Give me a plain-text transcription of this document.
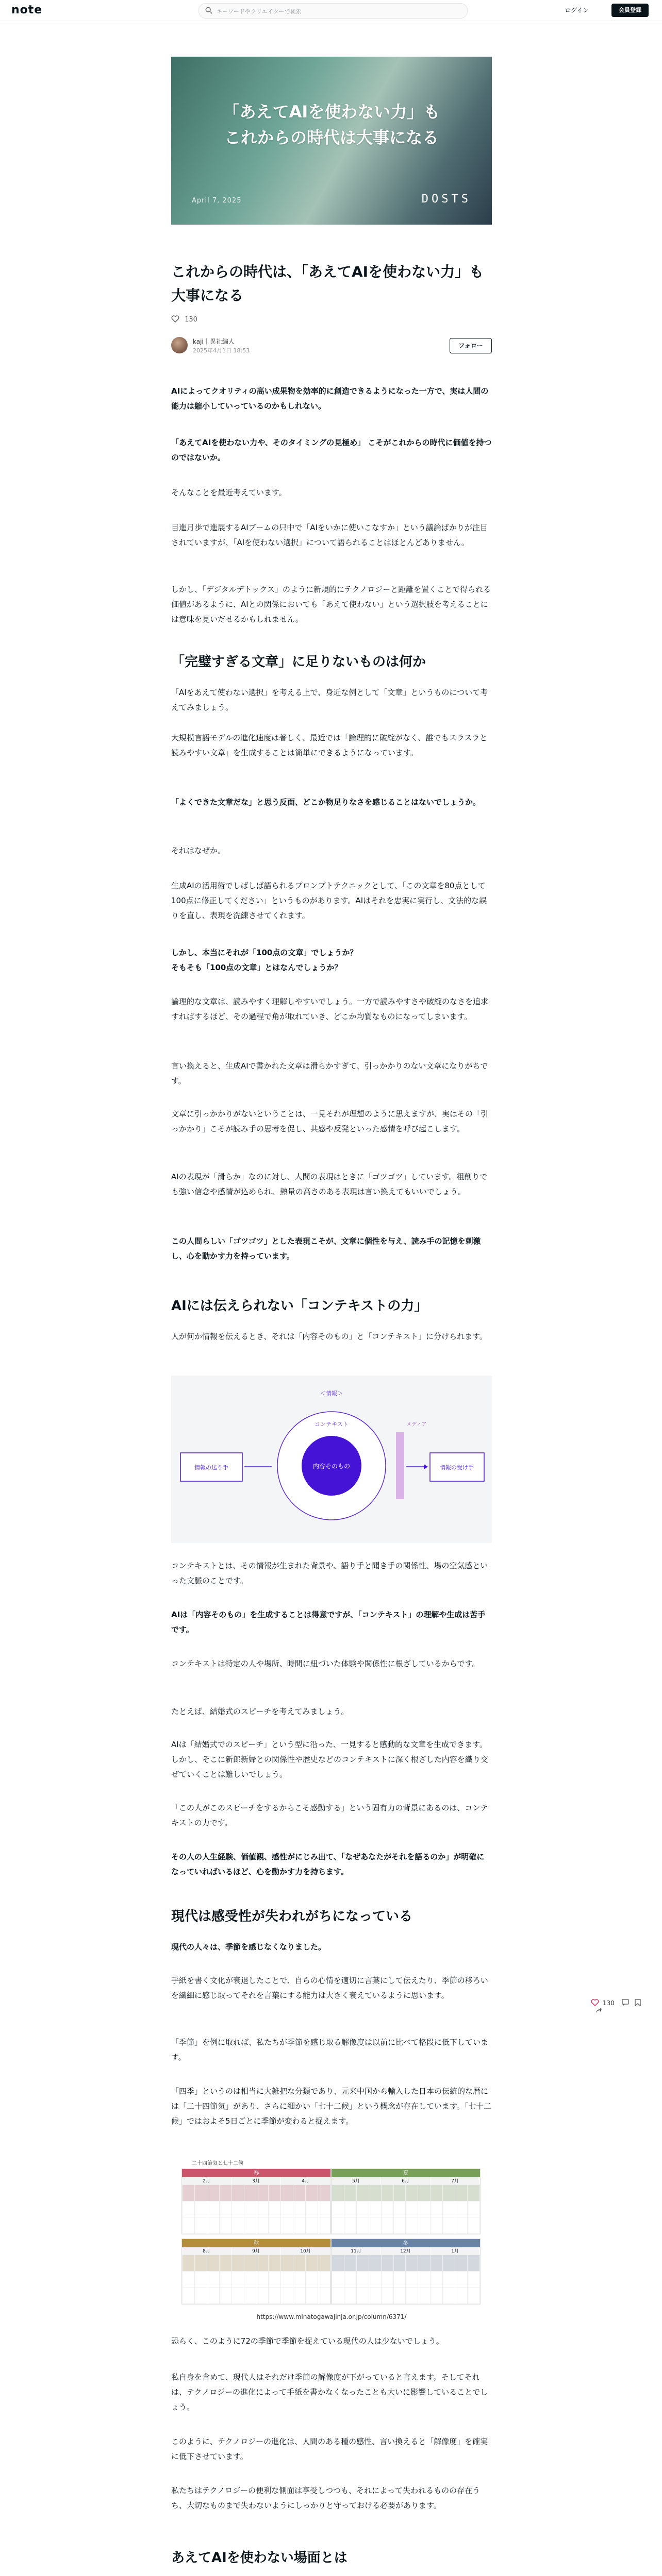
note	キーワードやクリエイターで検索	ログイン	会員登録
「あえてAIを使わない力」も
これからの時代は大事になる
April 7, 2025	DOSTS
これからの時代は、「あえてAIを使わない力」も大事になる
130
kaji｜異社編人
2025年4月1日 18:53
フォロー

AIによってクオリティの高い成果物を効率的に創造できるようになった一方で、実は人間の能力は縮小していっているのかもしれない。

「あえてAIを使わない力や、そのタイミングの見極め」 こそがこれからの時代に価値を持つのではないか。

そんなことを最近考えています。

目進月歩で進展するAIブームの只中で「AIをいかに使いこなすか」という議論ばかりが注目されていますが、「AIを使わない選択」について語られることはほとんどありません。

しかし、「デジタルデトックス」のように新規的にテクノロジーと距離を置くことで得られる価値があるように、AIとの関係においても「あえて使わない」という選択肢を考えることには意味を見いだせるかもしれません。

「完璧すぎる文章」に足りないものは何か

「AIをあえて使わない選択」を考える上で、身近な例として「文章」というものについて考えてみましょう。

大規模言語モデルの進化速度は著しく、最近では「論理的に破綻がなく、誰でもスラスラと読みやすい文章」を生成することは簡単にできるようになっています。

「よくできた文章だな」と思う反面、どこか物足りなさを感じることはないでしょうか。

それはなぜか。

生成AIの活用術でしばしば語られるプロンプトテクニックとして、「この文章を80点として100点に修正してください」というものがあります。AIはそれを忠実に実行し、文法的な誤りを直し、表現を洗練させてくれます。

しかし、本当にそれが「100点の文章」でしょうか？
そもそも「100点の文章」とはなんでしょうか？

論理的な文章は、読みやすく理解しやすいでしょう。一方で読みやすさや破綻のなさを追求すればするほど、その過程で角が取れていき、どこか均質なものになってしまいます。

言い換えると、生成AIで書かれた文章は滑らかすぎて、引っかかりのない文章になりがちです。

文章に引っかかりがないということは、一見それが理想のように思えますが、実はその「引っかかり」こそが読み手の思考を促し、共感や反発といった感情を呼び起こします。

AIの表現が「滑らか」なのに対し、人間の表現はときに「ゴツゴツ」しています。粗削りでも強い信念や感情が込められ、熱量の高さのある表現は言い換えてもいいでしょう。

この人間らしい「ゴツゴツ」とした表現こそが、文章に個性を与え、読み手の記憶を刺激し、心を動かす力を持っています。

AIには伝えられない「コンテキストの力」

人が何か情報を伝えるとき、それは「内容そのもの」と「コンテキスト」に分けられます。

＜情報＞
内容そのもの
コンテキスト
情報の送り手
メディア
情報の受け手

コンテキストとは、その情報が生まれた背景や、語り手と聞き手の関係性、場の空気感といった文脈のことです。

AIは「内容そのもの」を生成することは得意ですが、「コンテキスト」の理解や生成は苦手です。

コンテキストは特定の人や場所、時間に紐づいた体験や関係性に根ざしているからです。

たとえば、結婚式のスピーチを考えてみましょう。

AIは「結婚式でのスピーチ」という型に沿った、一見すると感動的な文章を生成できます。しかし、そこに新郎新婦との関係性や歴史などのコンテキストに深く根ざした内容を織り交ぜていくことは難しいでしょう。

「この人がこのスピーチをするからこそ感動する」という固有力の背景にあるのは、コンテキストの力です。

その人の人生経験、価値観、感性がにじみ出て、「なぜあなたがそれを語るのか」が明確になっていればいるほど、心を動かす力を持ちます。

現代は感受性が失われがちになっている

現代の人々は、季節を感じなくなりました。

手紙を書く文化が衰退したことで、自らの心情を適切に言葉にして伝えたり、季節の移ろいを繊細に感じ取ってそれを言葉にする能力は大きく衰えているように思います。

「季節」を例に取れば、私たちが季節を感じ取る解像度は以前に比べて格段に低下しています。

「四季」というのは相当に大雑把な分類であり、元来中国から輸入した日本の伝統的な暦には「二十四節気」があり、さらに細かい「七十二候」という概念が存在しています。「七十二候」ではおよそ5日ごとに季節が変わると捉えます。

二十四節気と七十二候
春
2月	3月	4月
夏
5月	6月	7月
秋
8月	9月	10月
冬
11月	12月	1月
https://www.minatogawajinja.or.jp/column/6371/

恐らく、このように72の季節で季節を捉えている現代の人は少ないでしょう。

私自身を含めて、現代人はそれだけ季節の解像度が下がっていると言えます。そしてそれは、テクノロジーの進化によって手紙を書かなくなったことも大いに影響していることでしょう。

このように、テクノロジーの進化は、人間のある種の感性、言い換えると「解像度」を確実に低下させています。

私たちはテクノロジーの便利な側面は享受しつつも、それによって失われるものの存在うち、大切なものまで失わないようにしっかりと守っておける必要があります。

あえてAIを使わない場面とは

130
